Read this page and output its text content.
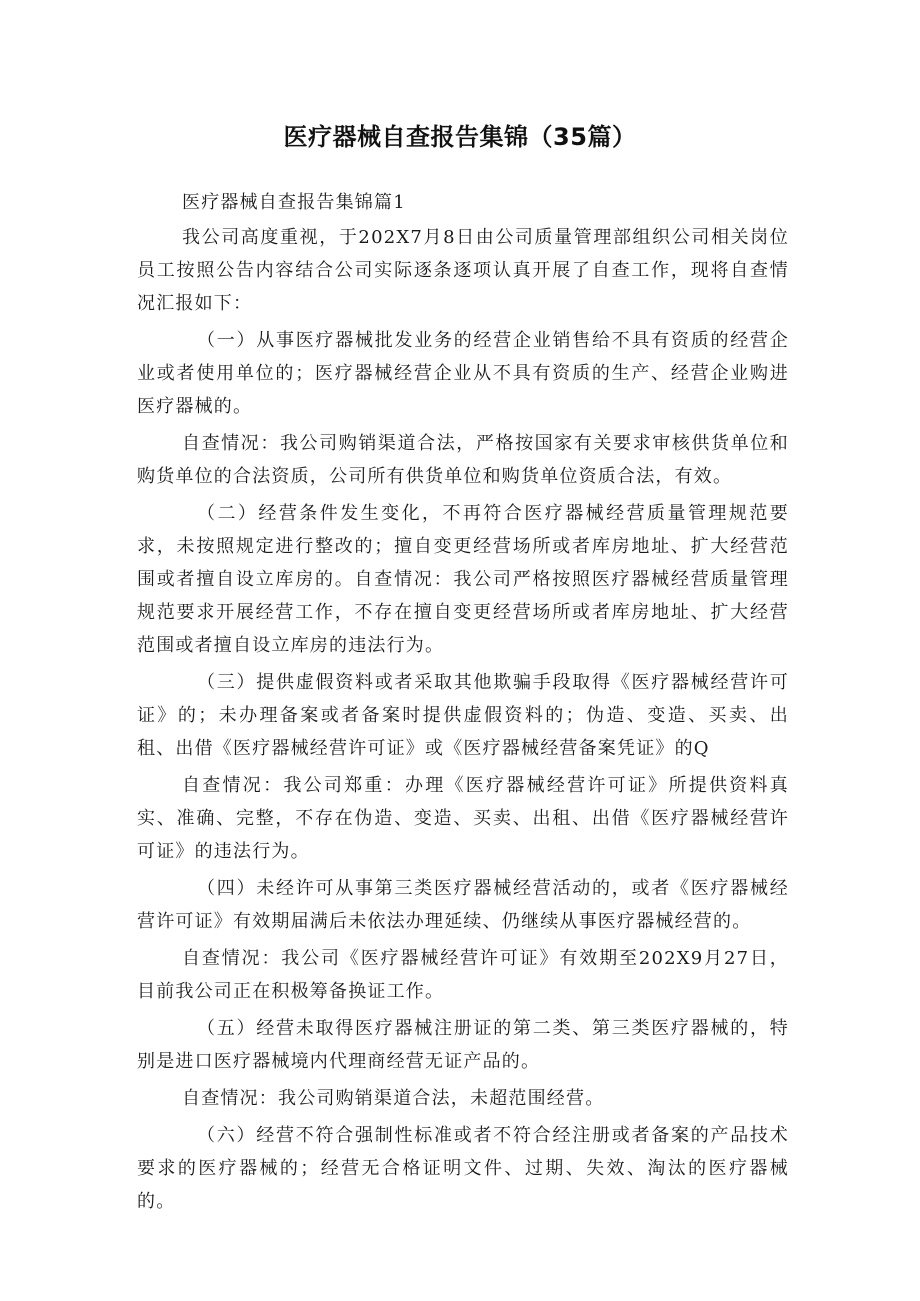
医疗器械自查报告集锦（35篇）

医疗器械自查报告集锦篇1

我公司高度重视，于202X7月8日由公司质量管理部组织公司相关岗位员工按照公告内容结合公司实际逐条逐项认真开展了自查工作，现将自查情况汇报如下：

（一）从事医疗器械批发业务的经营企业销售给不具有资质的经营企业或者使用单位的；医疗器械经营企业从不具有资质的生产、经营企业购进医疗器械的。

自查情况：我公司购销渠道合法，严格按国家有关要求审核供货单位和购货单位的合法资质，公司所有供货单位和购货单位资质合法，有效。

（二）经营条件发生变化，不再符合医疗器械经营质量管理规范要求，未按照规定进行整改的；擅自变更经营场所或者库房地址、扩大经营范围或者擅自设立库房的。自查情况：我公司严格按照医疗器械经营质量管理规范要求开展经营工作，不存在擅自变更经营场所或者库房地址、扩大经营范围或者擅自设立库房的违法行为。

（三）提供虚假资料或者采取其他欺骗手段取得《医疗器械经营许可证》的；未办理备案或者备案时提供虚假资料的；伪造、变造、买卖、出租、出借《医疗器械经营许可证》或《医疗器械经营备案凭证》的Q

自查情况：我公司郑重：办理《医疗器械经营许可证》所提供资料真实、准确、完整，不存在伪造、变造、买卖、出租、出借《医疗器械经营许可证》的违法行为。

（四）未经许可从事第三类医疗器械经营活动的，或者《医疗器械经营许可证》有效期届满后未依法办理延续、仍继续从事医疗器械经营的。

自查情况：我公司《医疗器械经营许可证》有效期至202X9月27日，目前我公司正在积极筹备换证工作。

（五）经营未取得医疗器械注册证的第二类、第三类医疗器械的，特别是进口医疗器械境内代理商经营无证产品的。

自查情况：我公司购销渠道合法，未超范围经营。

（六）经营不符合强制性标准或者不符合经注册或者备案的产品技术要求的医疗器械的；经营无合格证明文件、过期、失效、淘汰的医疗器械的。
